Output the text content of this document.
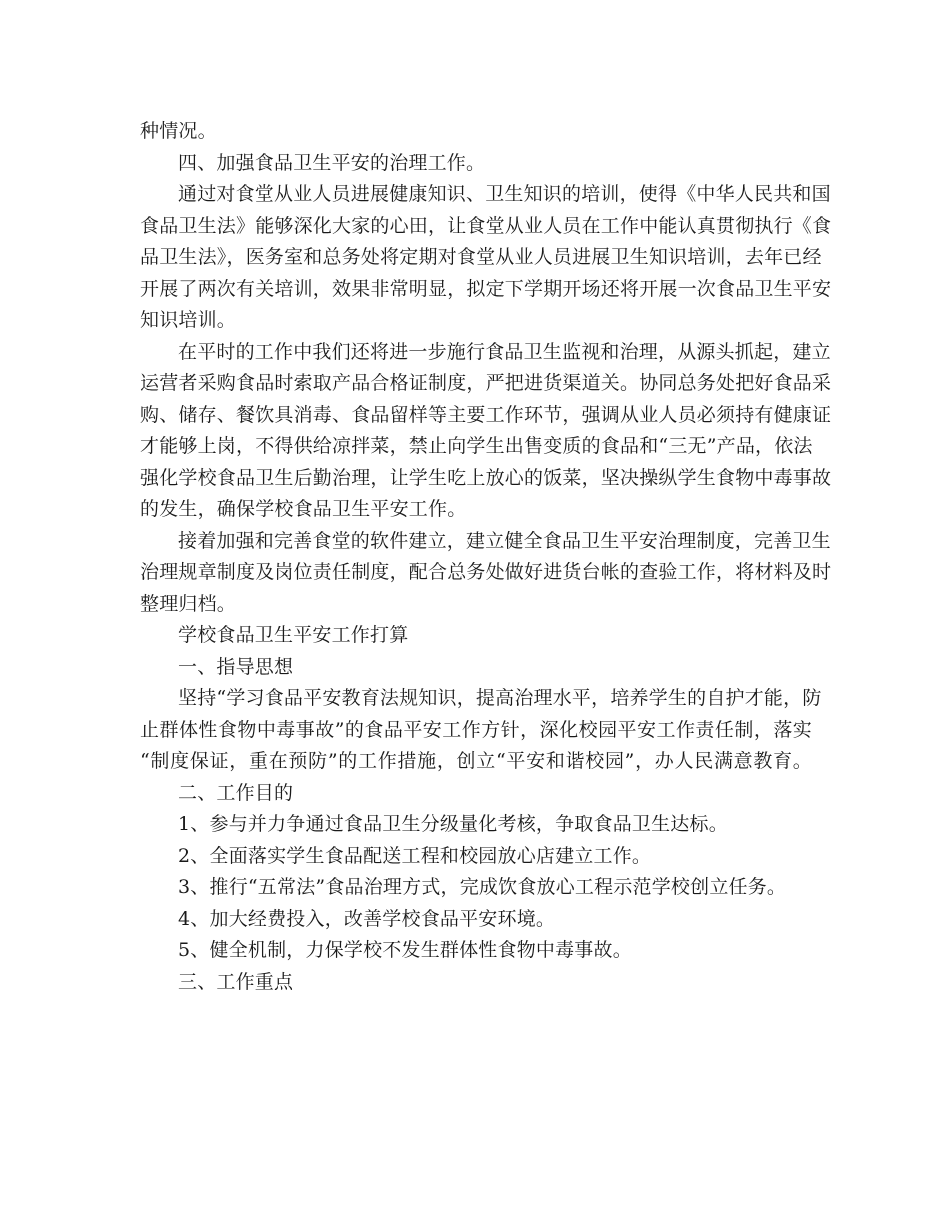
种情况。
四、加强食品卫生平安的治理工作。
通过对食堂从业人员进展健康知识、卫生知识的培训，使得《中华人民共和国
食品卫生法》能够深化大家的心田，让食堂从业人员在工作中能认真贯彻执行《食
品卫生法》，医务室和总务处将定期对食堂从业人员进展卫生知识培训，去年已经
开展了两次有关培训，效果非常明显，拟定下学期开场还将开展一次食品卫生平安
知识培训。
在平时的工作中我们还将进一步施行食品卫生监视和治理，从源头抓起，建立
运营者采购食品时索取产品合格证制度，严把进货渠道关。协同总务处把好食品采
购、储存、餐饮具消毒、食品留样等主要工作环节，强调从业人员必须持有健康证
才能够上岗，不得供给凉拌菜，禁止向学生出售变质的食品和“三无”产品，依法
强化学校食品卫生后勤治理，让学生吃上放心的饭菜，坚决操纵学生食物中毒事故
的发生，确保学校食品卫生平安工作。
接着加强和完善食堂的软件建立，建立健全食品卫生平安治理制度，完善卫生
治理规章制度及岗位责任制度，配合总务处做好进货台帐的查验工作，将材料及时
整理归档。
学校食品卫生平安工作打算
一、指导思想
坚持“学习食品平安教育法规知识，提高治理水平，培养学生的自护才能，防
止群体性食物中毒事故”的食品平安工作方针，深化校园平安工作责任制，落实
“制度保证，重在预防”的工作措施，创立“平安和谐校园”，办人民满意教育。
二、工作目的
1、参与并力争通过食品卫生分级量化考核，争取食品卫生达标。
2、全面落实学生食品配送工程和校园放心店建立工作。
3、推行“五常法”食品治理方式，完成饮食放心工程示范学校创立任务。
4、加大经费投入，改善学校食品平安环境。
5、健全机制，力保学校不发生群体性食物中毒事故。
三、工作重点
